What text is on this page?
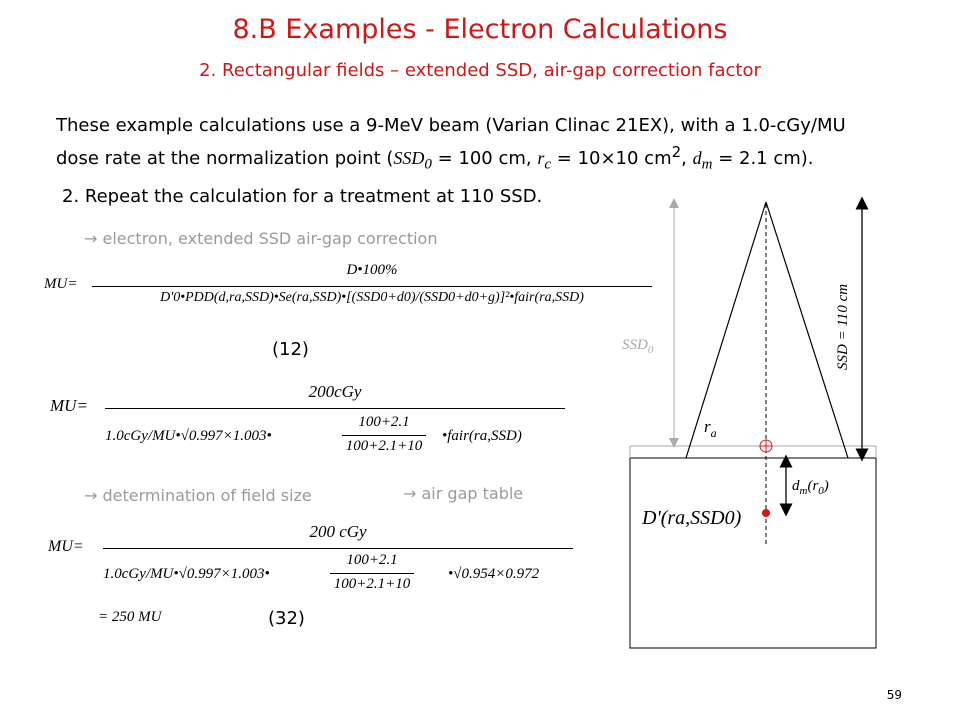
8.B Examples - Electron Calculations
2. Rectangular fields – extended SSD, air-gap correction factor
These example calculations use a 9-MeV beam (Varian Clinac 21EX), with a 1.0-cGy/MU
dose rate at the normalization point ($SSD_0 = 100$ cm, $r_c = 10\times 10$ $cm^2$, $d_m = 2.1$ cm).
2. Repeat the calculation for a treatment at 110 SSD.
→ electron, extended SSD air-gap correction
MU=
D•100%
D'0•PDD(d,ra,SSD)•Se(ra,SSD)•[(SSD0+d0)/(SSD0+d0+g)]²•fair(ra,SSD)
(12)
MU=
200cGy
1.0cGy/MU•√0.997×1.003•
100+2.1
100+2.1+10
•fair(ra,SSD)
→ determination of field size	→ air gap table
MU=
200 cGy
1.0cGy/MU•√0.997×1.003•
100+2.1
100+2.1+10
•√0.954×0.972
= 250 MU	(32)
$SSD_0$	SSD = 110 cm
$r_a$
$d_m(r_0)$
D'(ra,SSD0)
59
